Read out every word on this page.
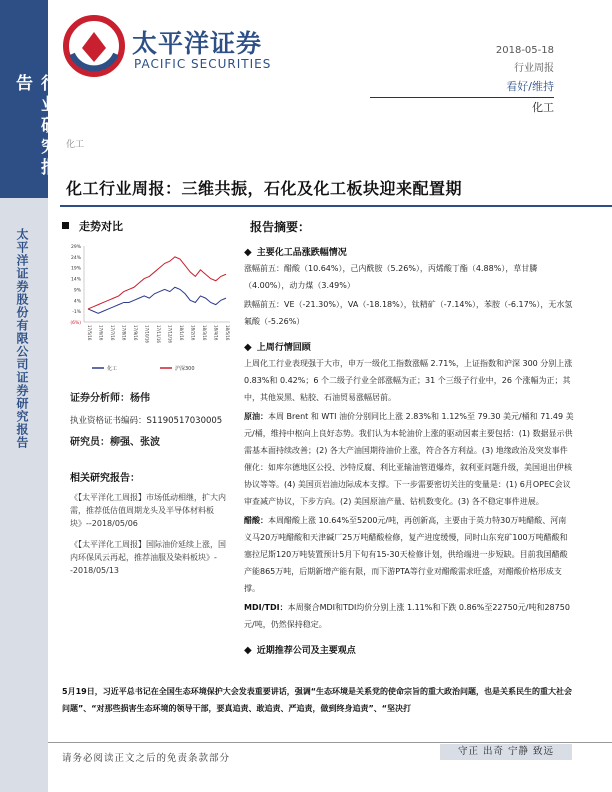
行业研究报告
太平洋证券股份有限公司证券研究报告
太平洋证券
PACIFIC SECURITIES
2018-05-18
行业周报
看好/维持
化工
化工
化工行业周报：三维共振，石化及化工板块迎来配置期
走势对比
29%
24%
19%
14%
9%
4%
-1%
(6%)
17/5/16 17/6/16 17/7/16 17/8/16 17/9/16 17/10/16 17/11/16 17/12/16 18/1/16 18/2/16 18/3/16 18/4/16 18/5/16
化工	沪深300
证券分析师：杨伟
执业资格证书编码：S1190517030005
研究员：柳强、张波
相关研究报告：

《【太平洋化工周报】市场低动相继，扩大内需，推荐低估值周期龙头及半导体材料板块》--2018/05/06

《【太平洋化工周报】国际油价延续上涨，国内环保风云再起，推荐油服及染料板块》--2018/05/13

报告摘要：
◆ 主要化工品涨跌幅情况
涨幅前五：醋酸（10.64%），己内酰胺（5.26%），丙烯酸丁酯（4.88%），草甘膦（4.00%），动力煤（3.49%）
跌幅前五：VE（-21.30%），VA（-18.18%），钛精矿（-7.14%），苯胺（-6.17%），无水氢氟酸（-5.26%）
◆ 上周行情回顾
上周化工行业表现强于大市，申万一级化工指数涨幅 2.71%，上证指数和沪深 300 分别上涨 0.83%和 0.42%；6 个二级子行业全部涨幅为正；31 个三级子行业中，26 个涨幅为正；其中，其他炭黑、粘胶、石油贸易涨幅居前。
原油：本周 Brent 和 WTI 油价分别同比上涨 2.83%和 1.12%至 79.30 美元/桶和 71.49 美元/桶，维持中枢向上良好态势。我们认为本轮油价上涨的驱动因素主要包括：(1) 数据显示供需基本面持续改善；(2) 各大产油国期待油价上涨，符合各方利益。(3) 地缘政治及突发事件催化：如库尔德地区公投、沙特反腐、利比亚输油管道爆炸，叙利亚问题升级，美国退出伊核协议等等。(4) 美国页岩油边际成本支撑。下一步需要密切关注的变量是：(1) 6月OPEC会议审查减产协议，下步方向。(2) 美国原油产量、钻机数变化。(3) 各不稳定事件进展。
醋酸：本周醋酸上涨 10.64%至5200元/吨，再创新高，主要由于英力特30万吨醋酸、河南义马20万吨醋酸和天津碱厂25万吨醋酸检修，复产进度缓慢，同时山东兖矿100万吨醋酸和塞拉尼斯120万吨装置预计5月下旬有15-30天检修计划，供给端进一步短缺。目前我国醋酸产能865万吨，后期新增产能有限，而下游PTA等行业对醋酸需求旺盛，对醋酸价格形成支撑。
MDI/TDI：本周聚合MDI和TDI均价分别上涨 1.11%和下跌 0.86%至22750元/吨和28750元/吨，仍然保持稳定。
◆ 近期推荐公司及主要观点
5月19日，习近平总书记在全国生态环境保护大会发表重要讲话，强调“生态环境是关系党的使命宗旨的重大政治问题，也是关系民生的重大社会问题”、“对那些损害生态环境的领导干部，要真追责、敢追责、严追责，做到终身追责”、“坚决打
请务必阅读正文之后的免责条款部分
守正 出奇 宁静 致远
